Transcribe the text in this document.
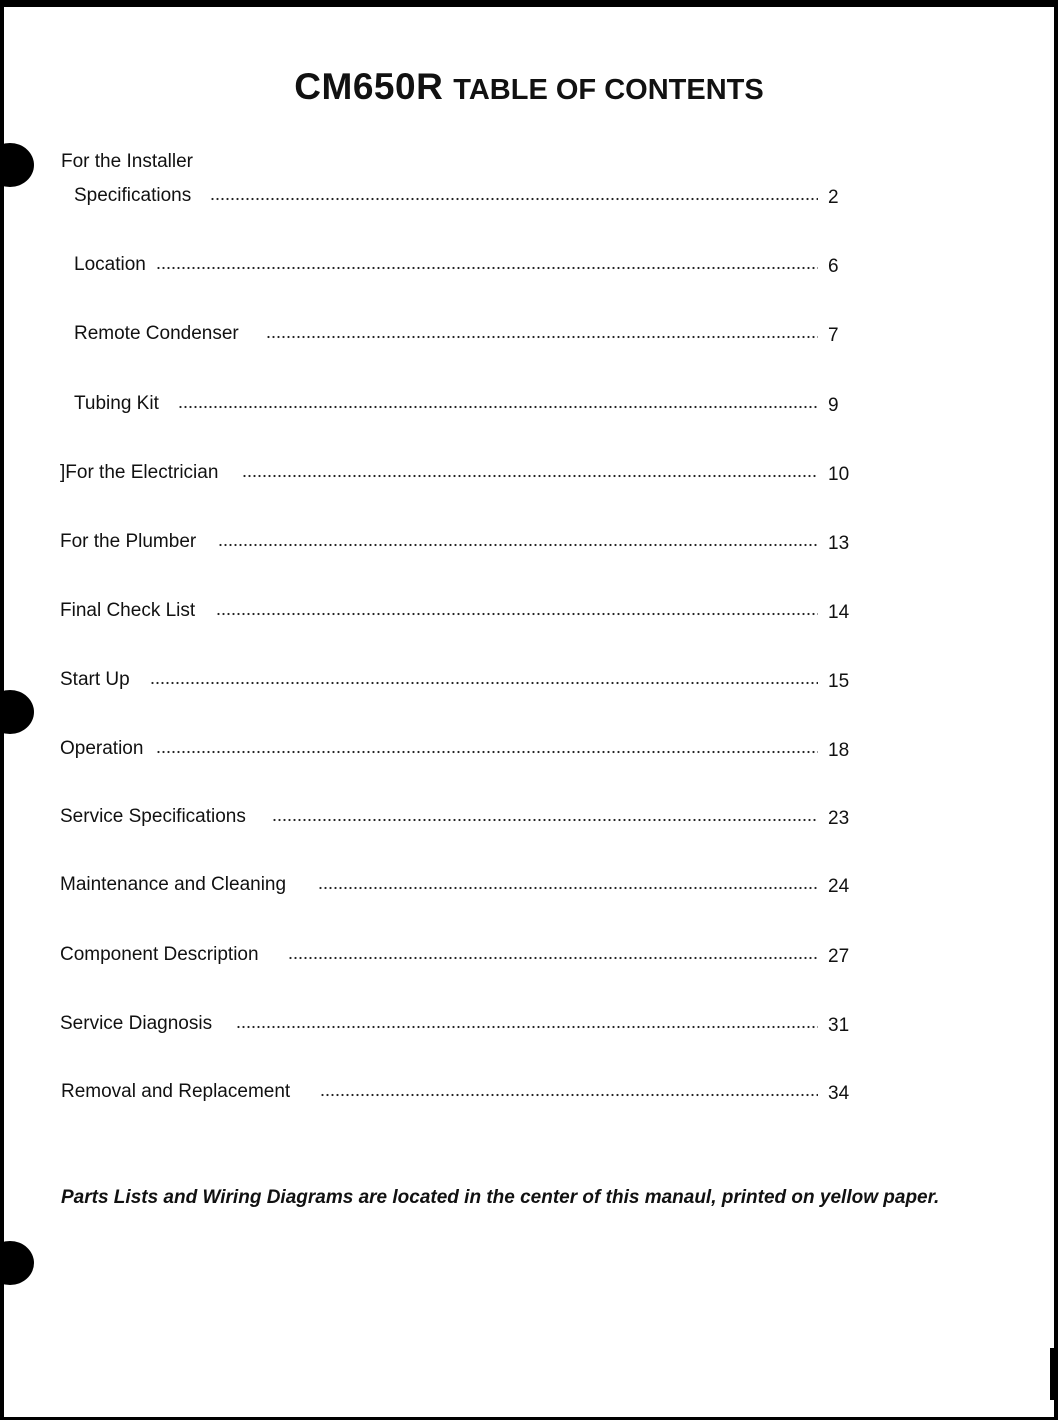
CM650R TABLE OF CONTENTS
For the Installer
Specifications	2
Location	6
Remote Condenser	7
Tubing Kit	9
]For the Electrician	10
For the Plumber	13
Final Check List	14
Start Up	15
Operation	18
Service Specifications	23
Maintenance and Cleaning	24
Component Description	27
Service Diagnosis	31
Removal and Replacement	34
Parts Lists and Wiring Diagrams are located in the center of this manaul, printed on yellow paper.
